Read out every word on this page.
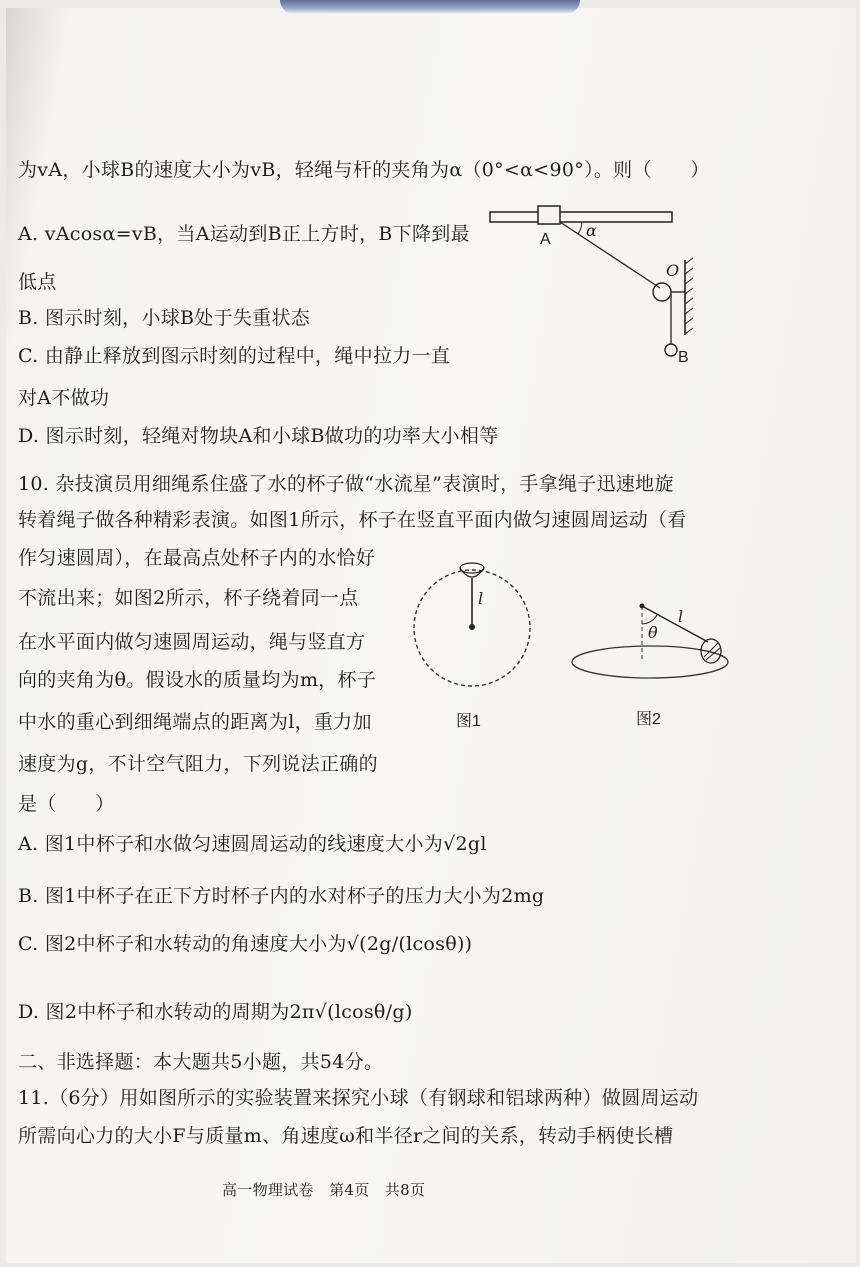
为vA，小球B的速度大小为vB，轻绳与杆的夹角为α（0°<α<90°）。则（　　）
A. vAcosα=vB，当A运动到B正上方时，B下降到最
低点
B. 图示时刻，小球B处于失重状态
C. 由静止释放到图示时刻的过程中，绳中拉力一直
对A不做功
D. 图示时刻，轻绳对物块A和小球B做功的功率大小相等
A α
O
B
10. 杂技演员用细绳系住盛了水的杯子做“水流星”表演时，手拿绳子迅速地旋
转着绳子做各种精彩表演。如图1所示，杯子在竖直平面内做匀速圆周运动（看
作匀速圆周），在最高点处杯子内的水恰好
不流出来；如图2所示，杯子绕着同一点
在水平面内做匀速圆周运动，绳与竖直方
向的夹角为θ。假设水的质量均为m，杯子
中水的重心到细绳端点的距离为l，重力加
速度为g，不计空气阻力，下列说法正确的
是（　　）
l
图1
l
θ
图2
A. 图1中杯子和水做匀速圆周运动的线速度大小为√2gl
B. 图1中杯子在正下方时杯子内的水对杯子的压力大小为2mg
C. 图2中杯子和水转动的角速度大小为√(2g/(lcosθ))
D. 图2中杯子和水转动的周期为2π√(lcosθ/g)
二、非选择题：本大题共5小题，共54分。
11.（6分）用如图所示的实验装置来探究小球（有钢球和铝球两种）做圆周运动
所需向心力的大小F与质量m、角速度ω和半径r之间的关系，转动手柄使长槽
高一物理试卷　第4页　共8页
